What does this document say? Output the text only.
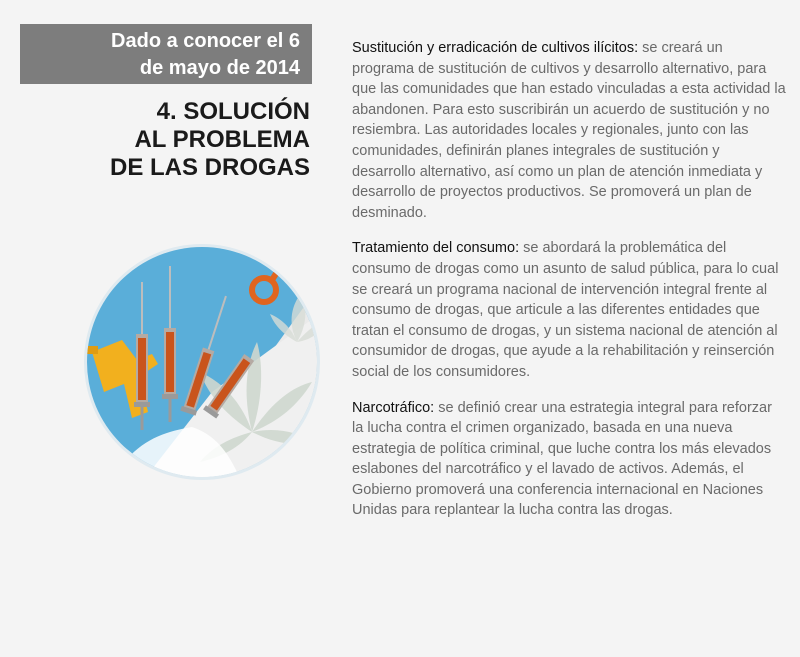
Dado a conocer el 6
de mayo de 2014
4. SOLUCIÓN
AL PROBLEMA
DE LAS DROGAS

Sustitución y erradicación de cultivos ilícitos: se creará un programa de sustitución de cultivos y desarrollo alternativo, para que las comunidades que han estado vinculadas a esta actividad la abandonen. Para esto suscribirán un acuerdo de sustitución y no resiembra. Las autoridades locales y regionales, junto con las comunidades, definirán planes integrales de sustitución y desarrollo alternativo, así como un plan de atención inmediata y desarrollo de proyectos productivos. Se promoverá un plan de desminado.

Tratamiento del consumo: se abordará la problemática del consumo de drogas como un asunto de salud pública, para lo cual se creará un programa nacional de intervención integral frente al consumo de drogas, que articule a las diferentes entidades que tratan el consumo de drogas, y un sistema nacional de atención al consumidor de drogas, que ayude a la rehabilitación y reinserción social de los consumidores.

Narcotráfico: se definió crear una estrategia integral para reforzar la lucha contra el crimen organizado, basada en una nueva estrategia de política criminal, que luche contra los más elevados eslabones del narcotráfico y el lavado de activos. Además, el Gobierno promoverá una conferencia internacional en Naciones Unidas para replantear la lucha contra las drogas.
